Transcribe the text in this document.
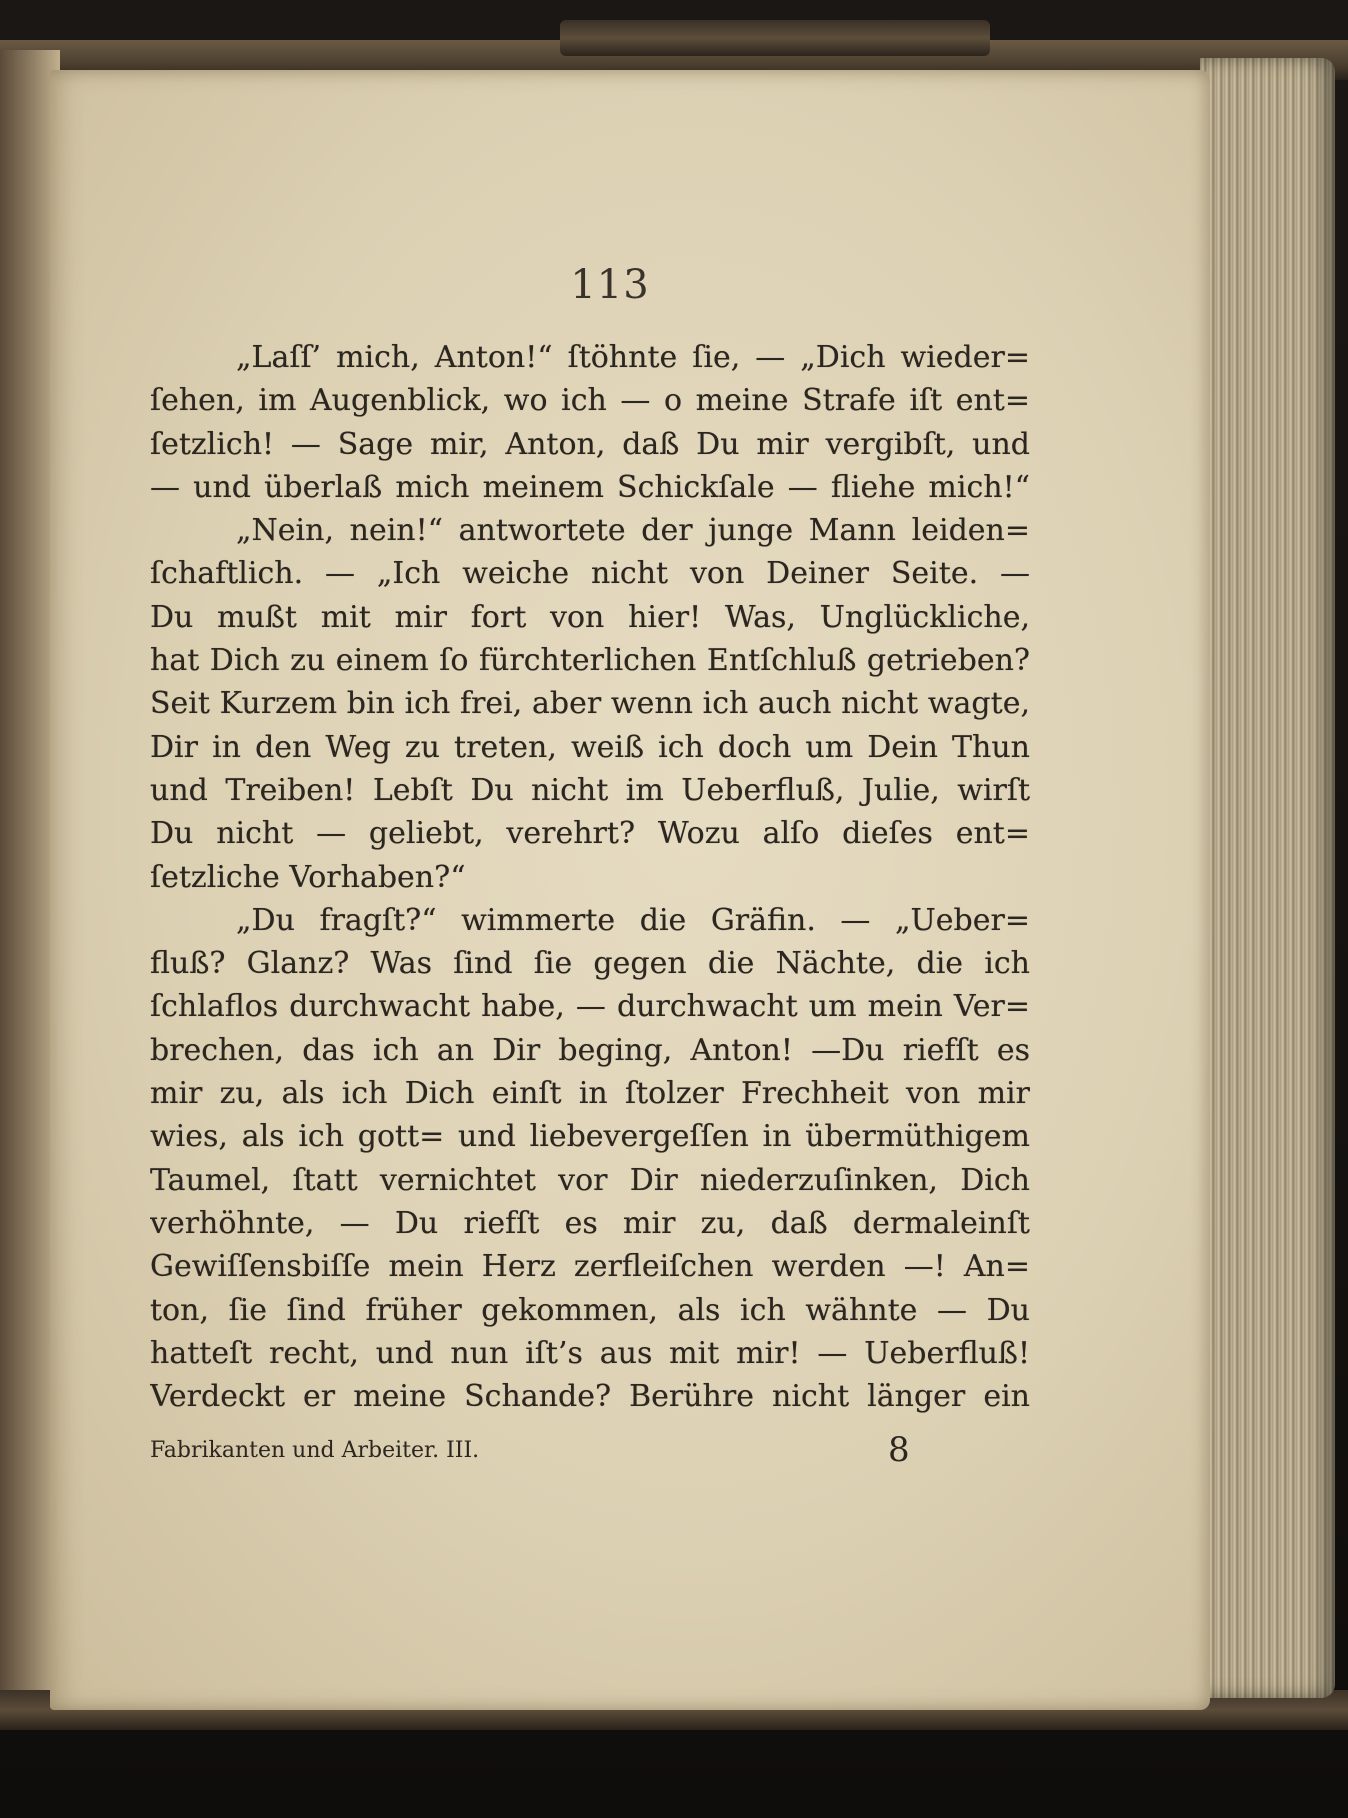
113
„Laſſ’ mich, Anton!“ ſtöhnte ſie, — „Dich wieder=
ſehen, im Augenblick, wo ich — o meine Strafe iſt ent=
ſetzlich! — Sage mir, Anton, daß Du mir vergibſt, und
— und überlaß mich meinem Schickſale — fliehe mich!“
„Nein, nein!“ antwortete der junge Mann leiden=
ſchaftlich. — „Ich weiche nicht von Deiner Seite. —
Du mußt mit mir fort von hier! Was, Unglückliche,
hat Dich zu einem ſo fürchterlichen Entſchluß getrieben?
Seit Kurzem bin ich frei, aber wenn ich auch nicht wagte,
Dir in den Weg zu treten, weiß ich doch um Dein Thun
und Treiben! Lebſt Du nicht im Ueberfluß, Julie, wirſt
Du nicht — geliebt, verehrt? Wozu alſo dieſes ent=
ſetzliche Vorhaben?“
„Du fragſt?“ wimmerte die Gräfin. — „Ueber=
fluß? Glanz? Was ſind ſie gegen die Nächte, die ich
ſchlaflos durchwacht habe, — durchwacht um mein Ver=
brechen, das ich an Dir beging, Anton! —Du riefſt es
mir zu, als ich Dich einſt in ſtolzer Frechheit von mir
wies, als ich gott= und liebevergeſſen in übermüthigem
Taumel, ſtatt vernichtet vor Dir niederzuſinken, Dich
verhöhnte, — Du riefſt es mir zu, daß dermaleinſt
Gewiſſensbiſſe mein Herz zerfleiſchen werden —! An=
ton, ſie ſind früher gekommen, als ich wähnte — Du
hatteſt recht, und nun iſt’s aus mit mir! — Ueberfluß!
Verdeckt er meine Schande? Berühre nicht länger ein
Fabrikanten und Arbeiter. III.	8
